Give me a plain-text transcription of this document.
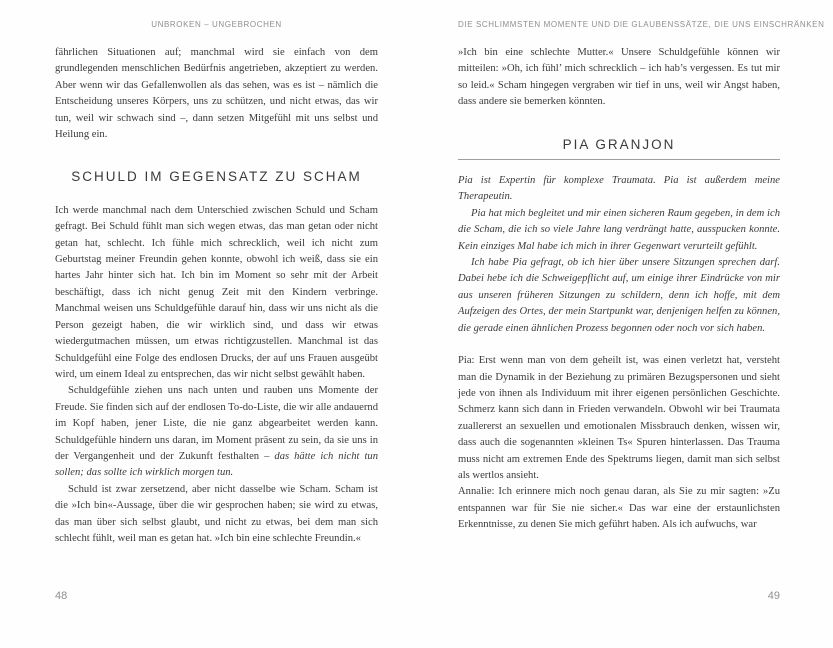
UNBROKEN – UNGEBROCHEN

fährlichen Situationen auf; manchmal wird sie einfach von dem grundlegenden menschlichen Bedürfnis angetrieben, akzeptiert zu werden. Aber wenn wir das Gefallenwollen als das sehen, was es ist – nämlich die Entscheidung unseres Körpers, uns zu schützen, und nicht etwas, das wir tun, weil wir schwach sind –, dann setzen Mitgefühl mit uns selbst und Heilung ein.

SCHULD IM GEGENSATZ ZU SCHAM

Ich werde manchmal nach dem Unterschied zwischen Schuld und Scham gefragt. Bei Schuld fühlt man sich wegen etwas, das man getan oder nicht getan hat, schlecht. Ich fühle mich schrecklich, weil ich nicht zum Geburtstag meiner Freundin gehen konnte, obwohl ich weiß, dass sie ein hartes Jahr hinter sich hat. Ich bin im Moment so sehr mit der Arbeit beschäftigt, dass ich nicht genug Zeit mit den Kindern verbringe. Manchmal weisen uns Schuldgefühle darauf hin, dass wir uns nicht als die Person gezeigt haben, die wir wirklich sind, und dass wir etwas wiedergutmachen müssen, um etwas richtigzustellen. Manchmal ist das Schuldgefühl eine Folge des endlosen Drucks, der auf uns Frauen ausgeübt wird, um einem Ideal zu entsprechen, das wir nicht selbst gewählt haben.

Schuldgefühle ziehen uns nach unten und rauben uns Momente der Freude. Sie finden sich auf der endlosen To-do-Liste, die wir alle andauernd im Kopf haben, jener Liste, die nie ganz abgearbeitet werden kann. Schuldgefühle hindern uns daran, im Moment präsent zu sein, da sie uns in der Vergangenheit und der Zukunft festhalten – das hätte ich nicht tun sollen; das sollte ich wirklich morgen tun.

Schuld ist zwar zersetzend, aber nicht dasselbe wie Scham. Scham ist die »Ich bin«-Aussage, über die wir gesprochen haben; sie wird zu etwas, das man über sich selbst glaubt, und nicht zu etwas, bei dem man sich schlecht fühlt, weil man es getan hat. »Ich bin eine schlechte Freundin.«

48
DIE SCHLIMMSTEN MOMENTE UND DIE GLAUBENSSÄTZE, DIE UNS EINSCHRÄNKEN

»Ich bin eine schlechte Mutter.« Unsere Schuldgefühle können wir mitteilen: »Oh, ich fühl’ mich schrecklich – ich hab’s vergessen. Es tut mir so leid.« Scham hingegen vergraben wir tief in uns, weil wir Angst haben, dass andere sie bemerken könnten.

PIA GRANJON

Pia ist Expertin für komplexe Traumata. Pia ist außerdem meine Therapeutin.

Pia hat mich begleitet und mir einen sicheren Raum gegeben, in dem ich die Scham, die ich so viele Jahre lang verdrängt hatte, ausspucken konnte. Kein einziges Mal habe ich mich in ihrer Gegenwart verurteilt gefühlt.

Ich habe Pia gefragt, ob ich hier über unsere Sitzungen sprechen darf. Dabei hebe ich die Schweigepflicht auf, um einige ihrer Eindrücke von mir aus unseren früheren Sitzungen zu schildern, denn ich hoffe, mit dem Aufzeigen des Ortes, der mein Startpunkt war, denjenigen helfen zu können, die gerade einen ähnlichen Prozess begonnen oder noch vor sich haben.

Pia: Erst wenn man von dem geheilt ist, was einen verletzt hat, versteht man die Dynamik in der Beziehung zu primären Bezugspersonen und sieht jede von ihnen als Individuum mit ihrer eigenen persönlichen Geschichte. Schmerz kann sich dann in Frieden verwandeln. Obwohl wir bei Traumata zuallererst an sexuellen und emotionalen Missbrauch denken, wissen wir, dass auch die sogenannten »kleinen Ts« Spuren hinterlassen. Das Trauma muss nicht am extremen Ende des Spektrums liegen, damit man sich selbst als wertlos ansieht.

Annalie: Ich erinnere mich noch genau daran, als Sie zu mir sagten: »Zu entspannen war für Sie nie sicher.« Das war eine der erstaunlichsten Erkenntnisse, zu denen Sie mich geführt haben. Als ich aufwuchs, war

49
